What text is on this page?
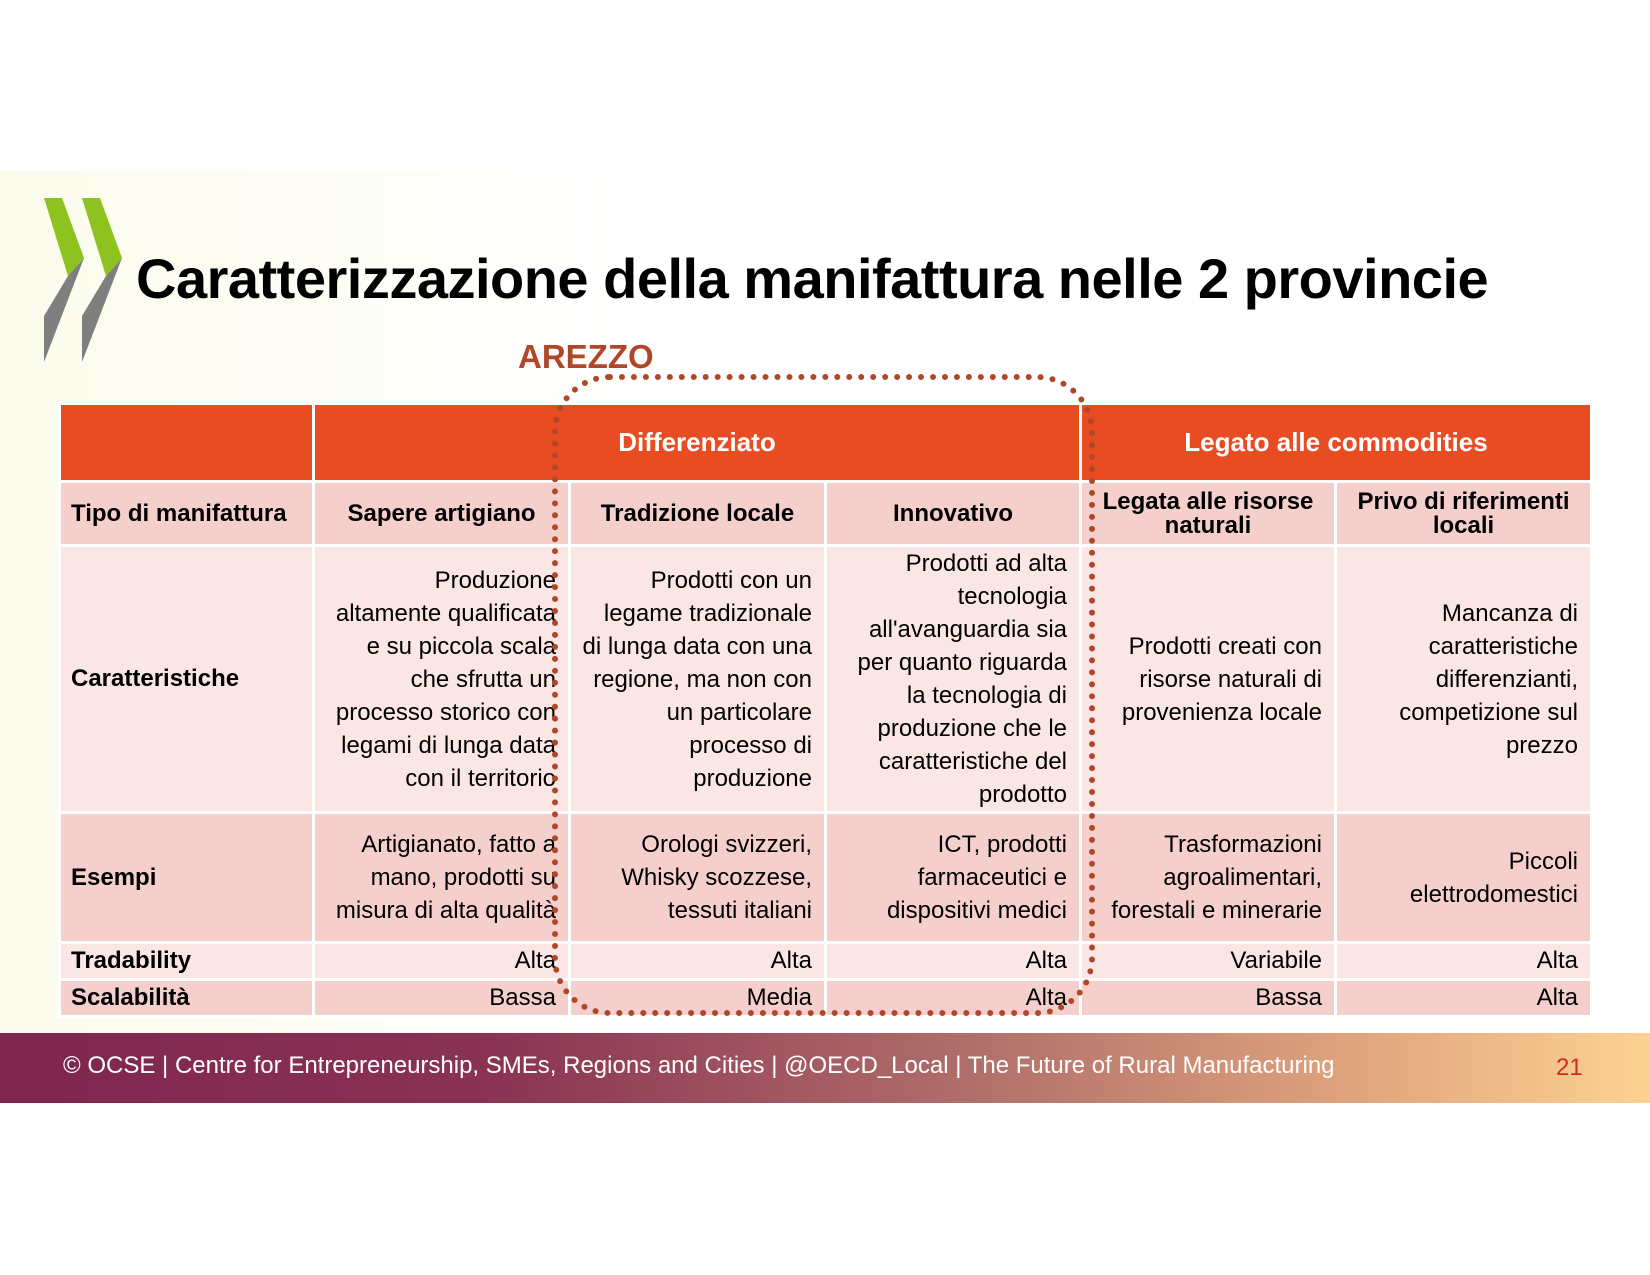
Caratterizzazione della manifattura nelle 2 provincie
AREZZO
	Differenziato			Legato alle commodities	
Tipo di manifattura	Sapere artigiano	Tradizione locale	Innovativo	Legata alle risorse naturali	Privo di riferimenti locali
Caratteristiche	Produzione altamente qualificata e su piccola scala che sfrutta un processo storico con legami di lunga data con il territorio	Prodotti con un legame tradizionale di lunga data con una regione, ma non con un particolare processo di produzione	Prodotti ad alta tecnologia all'avanguardia sia per quanto riguarda la tecnologia di produzione che le caratteristiche del prodotto	Prodotti creati con risorse naturali di provenienza locale	Mancanza di caratteristiche differenzianti, competizione sul prezzo
Esempi	Artigianato, fatto a mano, prodotti su misura di alta qualità	Orologi svizzeri, Whisky scozzese, tessuti italiani	ICT, prodotti farmaceutici e dispositivi medici	Trasformazioni agroalimentari, forestali e minerarie	Piccoli elettrodomestici
Tradability	Alta	Alta	Alta	Variabile	Alta
Scalabilità	Bassa	Media	Alta	Bassa	Alta
© OCSE | Centre for Entrepreneurship, SMEs, Regions and Cities | @OECD_Local | The Future of Rural Manufacturing	21
